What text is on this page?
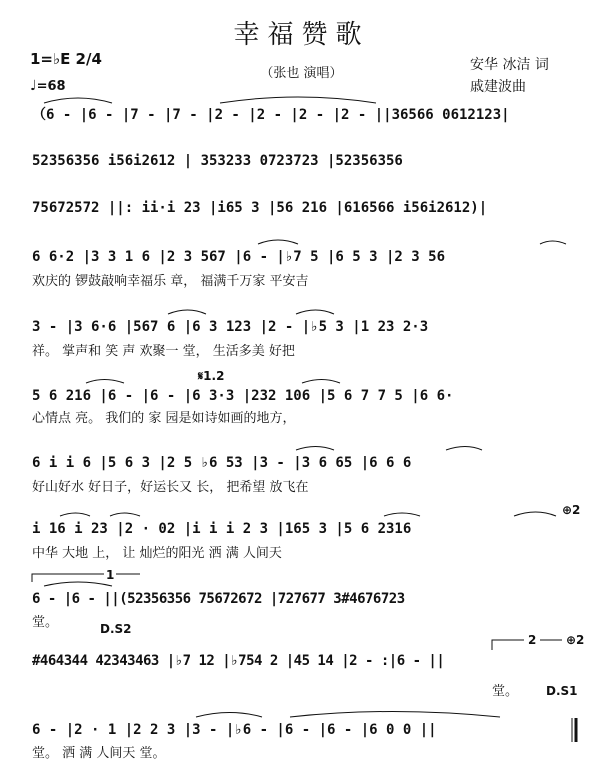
幸福赞歌
（张也 演唱）
1=♭E 2/4
♩=68
安华 冰洁 词
戚建波曲
（6 - |6 - |7 - |7 - |2 - |2 - |2 - |2 - ||36566 0612123|
52356356 i56i2612 | 353233 0723723 |52356356
75672572 ||: ii·i 23 |i65 3 |56 216 |616566 i56i2612)|
6 6·2 |3 3 1 6 |2 3 567 |6 - |♭7 5 |6 5 3 |2 3 56
欢庆的 锣鼓敲响幸福乐 章， 福满千万家 平安吉
3 - |3 6·6 |567 6 |6 3 123 |2 - |♭5 3 |1 23 2·3
祥。 掌声和 笑 声 欢聚一 堂， 生活多美 好把
5 6 216 |6 - |6 - |6 3·3 |232 106 |5 6 7 7 5 |6 6·
心情点 亮。 我们的 家 园是如诗如画的地方，
6 i i 6 |5 6 3 |2 5 ♭6 53 |3 - |3 6 65 |6 6 6
好山好水 好日子，好运长又 长， 把希望 放飞在
i 16 i 23 |2 · 02 |i i i 2 3 |165 3 |5 6 2316
中华 大地 上， 让 灿烂的阳光 洒 满 人间天
6 - |6 - ||(52356356 75672672 |727677 3#4676723
堂。
#464344 42343463 |♭7 12 |♭754 2 |45 14 |2 - :|6 - ||
堂。
6 - |2 · 1 |2 2 3 |3 - |♭6 - |6 - |6 - |6 0 0 ||
堂。 洒 满 人间天 堂。
1
2
⊕2
⊕2
𝄋1.2
D.S2
D.S1
